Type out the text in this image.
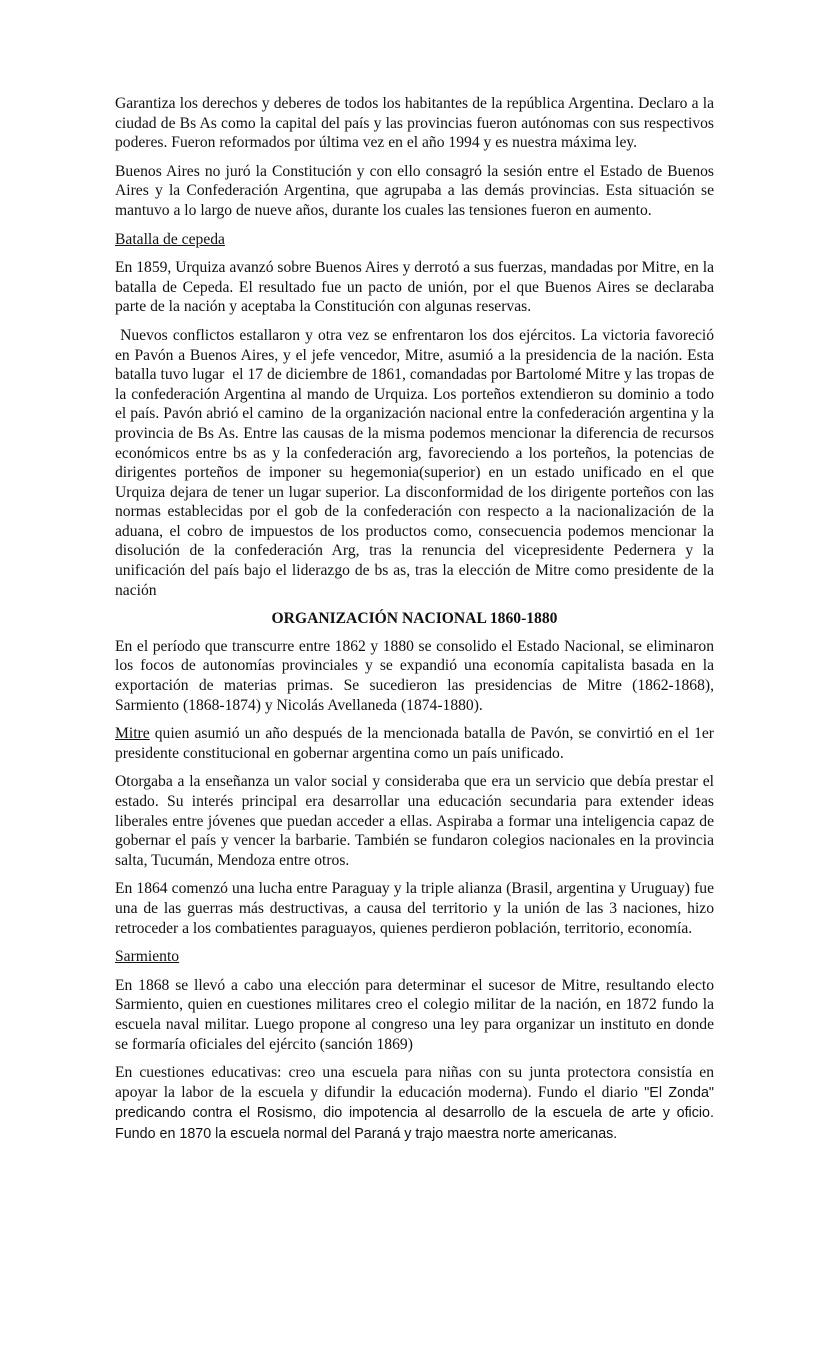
Garantiza los derechos y deberes de todos los habitantes de la república Argentina. Declaro a la ciudad de Bs As como la capital del país y las provincias fueron autónomas con sus respectivos poderes. Fueron reformados por última vez en el año 1994 y es nuestra máxima ley.

Buenos Aires no juró la Constitución y con ello consagró la sesión entre el Estado de Buenos Aires y la Confederación Argentina, que agrupaba a las demás provincias. Esta situación se mantuvo a lo largo de nueve años, durante los cuales las tensiones fueron en aumento.

Batalla de cepeda

En 1859, Urquiza avanzó sobre Buenos Aires y derrotó a sus fuerzas, mandadas por Mitre, en la batalla de Cepeda. El resultado fue un pacto de unión, por el que Buenos Aires se declaraba parte de la nación y aceptaba la Constitución con algunas reservas.

Nuevos conflictos estallaron y otra vez se enfrentaron los dos ejércitos. La victoria favoreció en Pavón a Buenos Aires, y el jefe vencedor, Mitre, asumió a la presidencia de la nación. Esta batalla tuvo lugar  el 17 de diciembre de 1861, comandadas por Bartolomé Mitre y las tropas de la confederación Argentina al mando de Urquiza. Los porteños extendieron su dominio a todo el país. Pavón abrió el camino  de la organización nacional entre la confederación argentina y la provincia de Bs As. Entre las causas de la misma podemos mencionar la diferencia de recursos económicos entre bs as y la confederación arg, favoreciendo a los porteños, la potencias de dirigentes porteños de imponer su hegemonia(superior) en un estado unificado en el que Urquiza dejara de tener un lugar superior. La disconformidad de los dirigente porteños con las normas establecidas por el gob de la confederación con respecto a la nacionalización de la aduana, el cobro de impuestos de los productos como, consecuencia podemos mencionar la disolución de la confederación Arg, tras la renuncia del vicepresidente Pedernera y la unificación del país bajo el liderazgo de bs as, tras la elección de Mitre como presidente de la nación

ORGANIZACIÓN NACIONAL 1860-1880

En el período que transcurre entre 1862 y 1880 se consolido el Estado Nacional, se eliminaron los focos de autonomías provinciales y se expandió una economía capitalista basada en la exportación de materias primas. Se sucedieron las presidencias de Mitre (1862-1868), Sarmiento (1868-1874) y Nicolás Avellaneda (1874-1880).

Mitre quien asumió un año después de la mencionada batalla de Pavón, se convirtió en el 1er presidente constitucional en gobernar argentina como un país unificado.

Otorgaba a la enseñanza un valor social y consideraba que era un servicio que debía prestar el estado. Su interés principal era desarrollar una educación secundaria para extender ideas liberales entre jóvenes que puedan acceder a ellas. Aspiraba a formar una inteligencia capaz de gobernar el país y vencer la barbarie. También se fundaron colegios nacionales en la provincia salta, Tucumán, Mendoza entre otros.

En 1864 comenzó una lucha entre Paraguay y la triple alianza (Brasil, argentina y Uruguay) fue una de las guerras más destructivas, a causa del territorio y la unión de las 3 naciones, hizo retroceder a los combatientes paraguayos, quienes perdieron población, territorio, economía.

Sarmiento

En 1868 se llevó a cabo una elección para determinar el sucesor de Mitre, resultando electo Sarmiento, quien en cuestiones militares creo el colegio militar de la nación, en 1872 fundo la escuela naval militar. Luego propone al congreso una ley para organizar un instituto en donde se formaría oficiales del ejército (sanción 1869)

En cuestiones educativas: creo una escuela para niñas con su junta protectora consistía en apoyar la labor de la escuela y difundir la educación moderna). Fundo el diario "El Zonda" predicando contra el Rosismo, dio impotencia al desarrollo de la escuela de arte y oficio. Fundo en 1870 la escuela normal del Paraná y trajo maestra norte americanas.
